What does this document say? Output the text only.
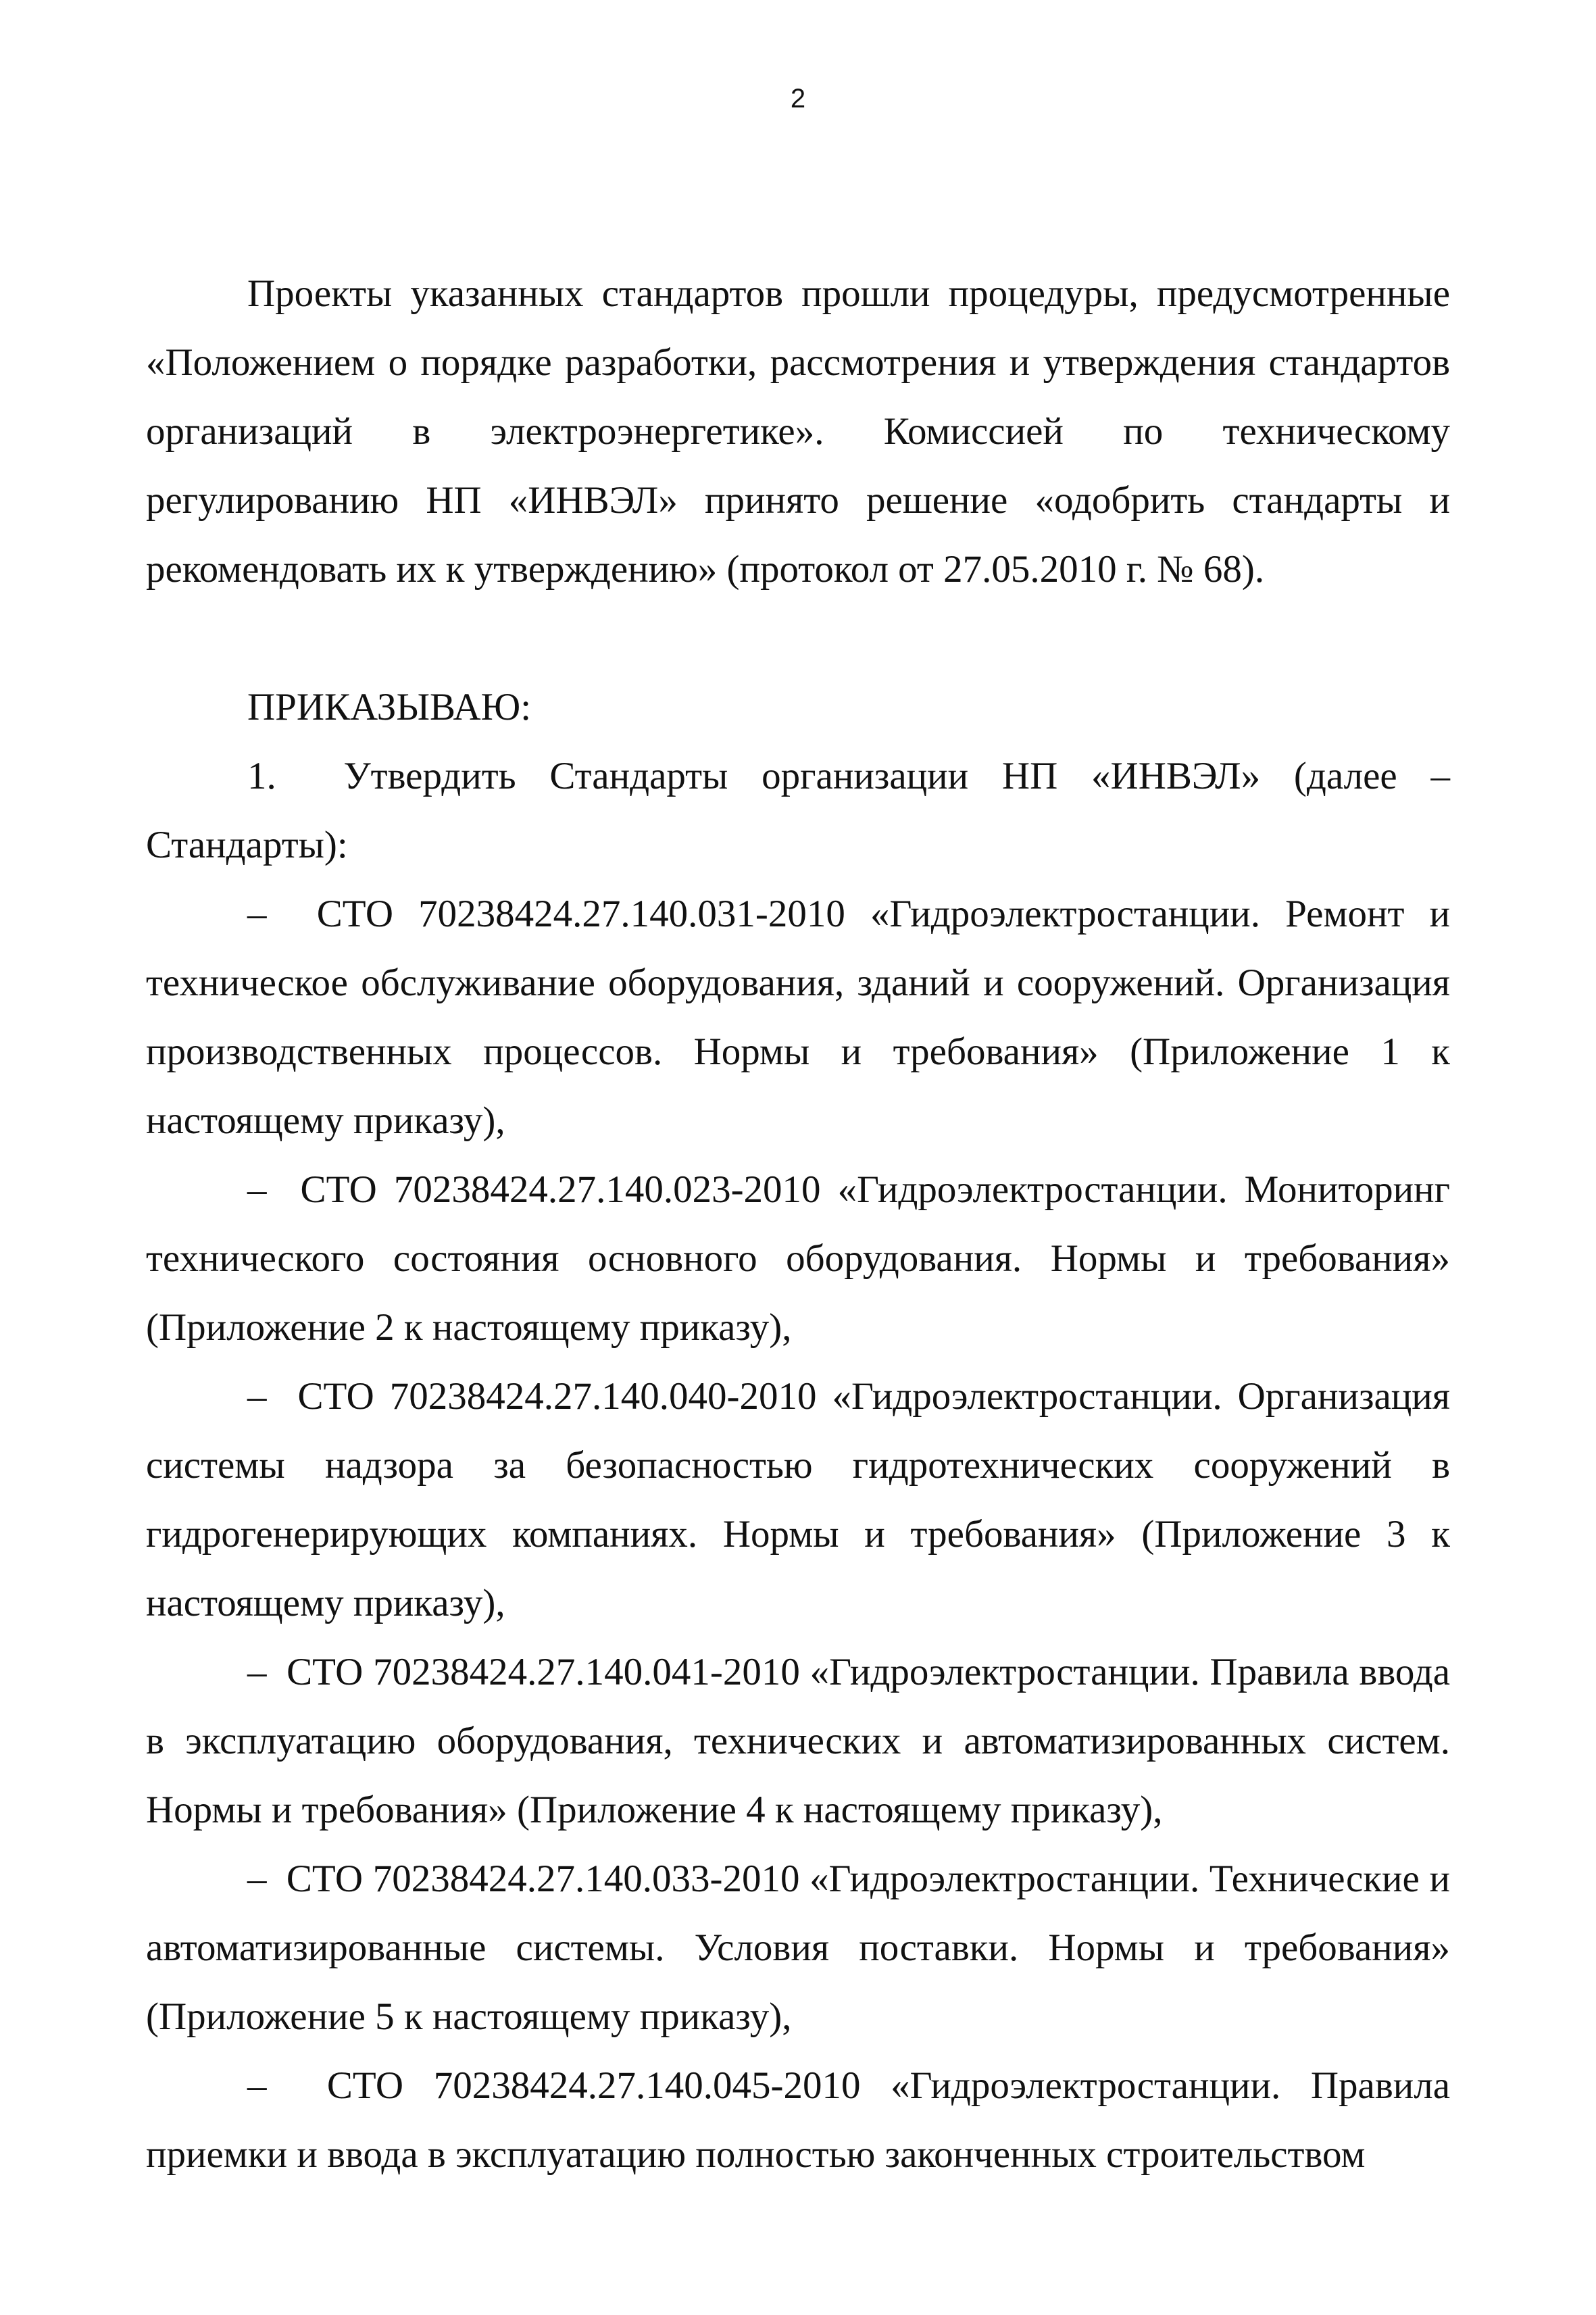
2

Проекты указанных стандартов прошли процедуры, предусмотренные «Положением о порядке разработки, рассмотрения и утверждения стандартов организаций в электроэнергетике». Комиссией по техническому регулированию НП «ИНВЭЛ» принято решение «одобрить стандарты и рекомендовать их к утверждению» (протокол от 27.05.2010 г. № 68).

ПРИКАЗЫВАЮ:

1. Утвердить Стандарты организации НП «ИНВЭЛ» (далее – Стандарты):

– СТО 70238424.27.140.031-2010 «Гидроэлектростанции. Ремонт и техническое обслуживание оборудования, зданий и сооружений. Организация производственных процессов. Нормы и требования» (Приложение 1 к настоящему приказу),

– СТО 70238424.27.140.023-2010 «Гидроэлектростанции. Мониторинг технического состояния основного оборудования. Нормы и требования» (Приложение 2 к настоящему приказу),

– СТО 70238424.27.140.040-2010 «Гидроэлектростанции. Организация системы надзора за безопасностью гидротехнических сооружений в гидрогенерирующих компаниях. Нормы и требования» (Приложение 3 к настоящему приказу),

– СТО 70238424.27.140.041-2010 «Гидроэлектростанции. Правила ввода в эксплуатацию оборудования, технических и автоматизированных систем. Нормы и требования» (Приложение 4 к настоящему приказу),

– СТО 70238424.27.140.033-2010 «Гидроэлектростанции. Технические и автоматизированные системы. Условия поставки. Нормы и требования» (Приложение 5 к настоящему приказу),

– СТО 70238424.27.140.045-2010 «Гидроэлектростанции. Правила приемки и ввода в эксплуатацию полностью законченных строительством
